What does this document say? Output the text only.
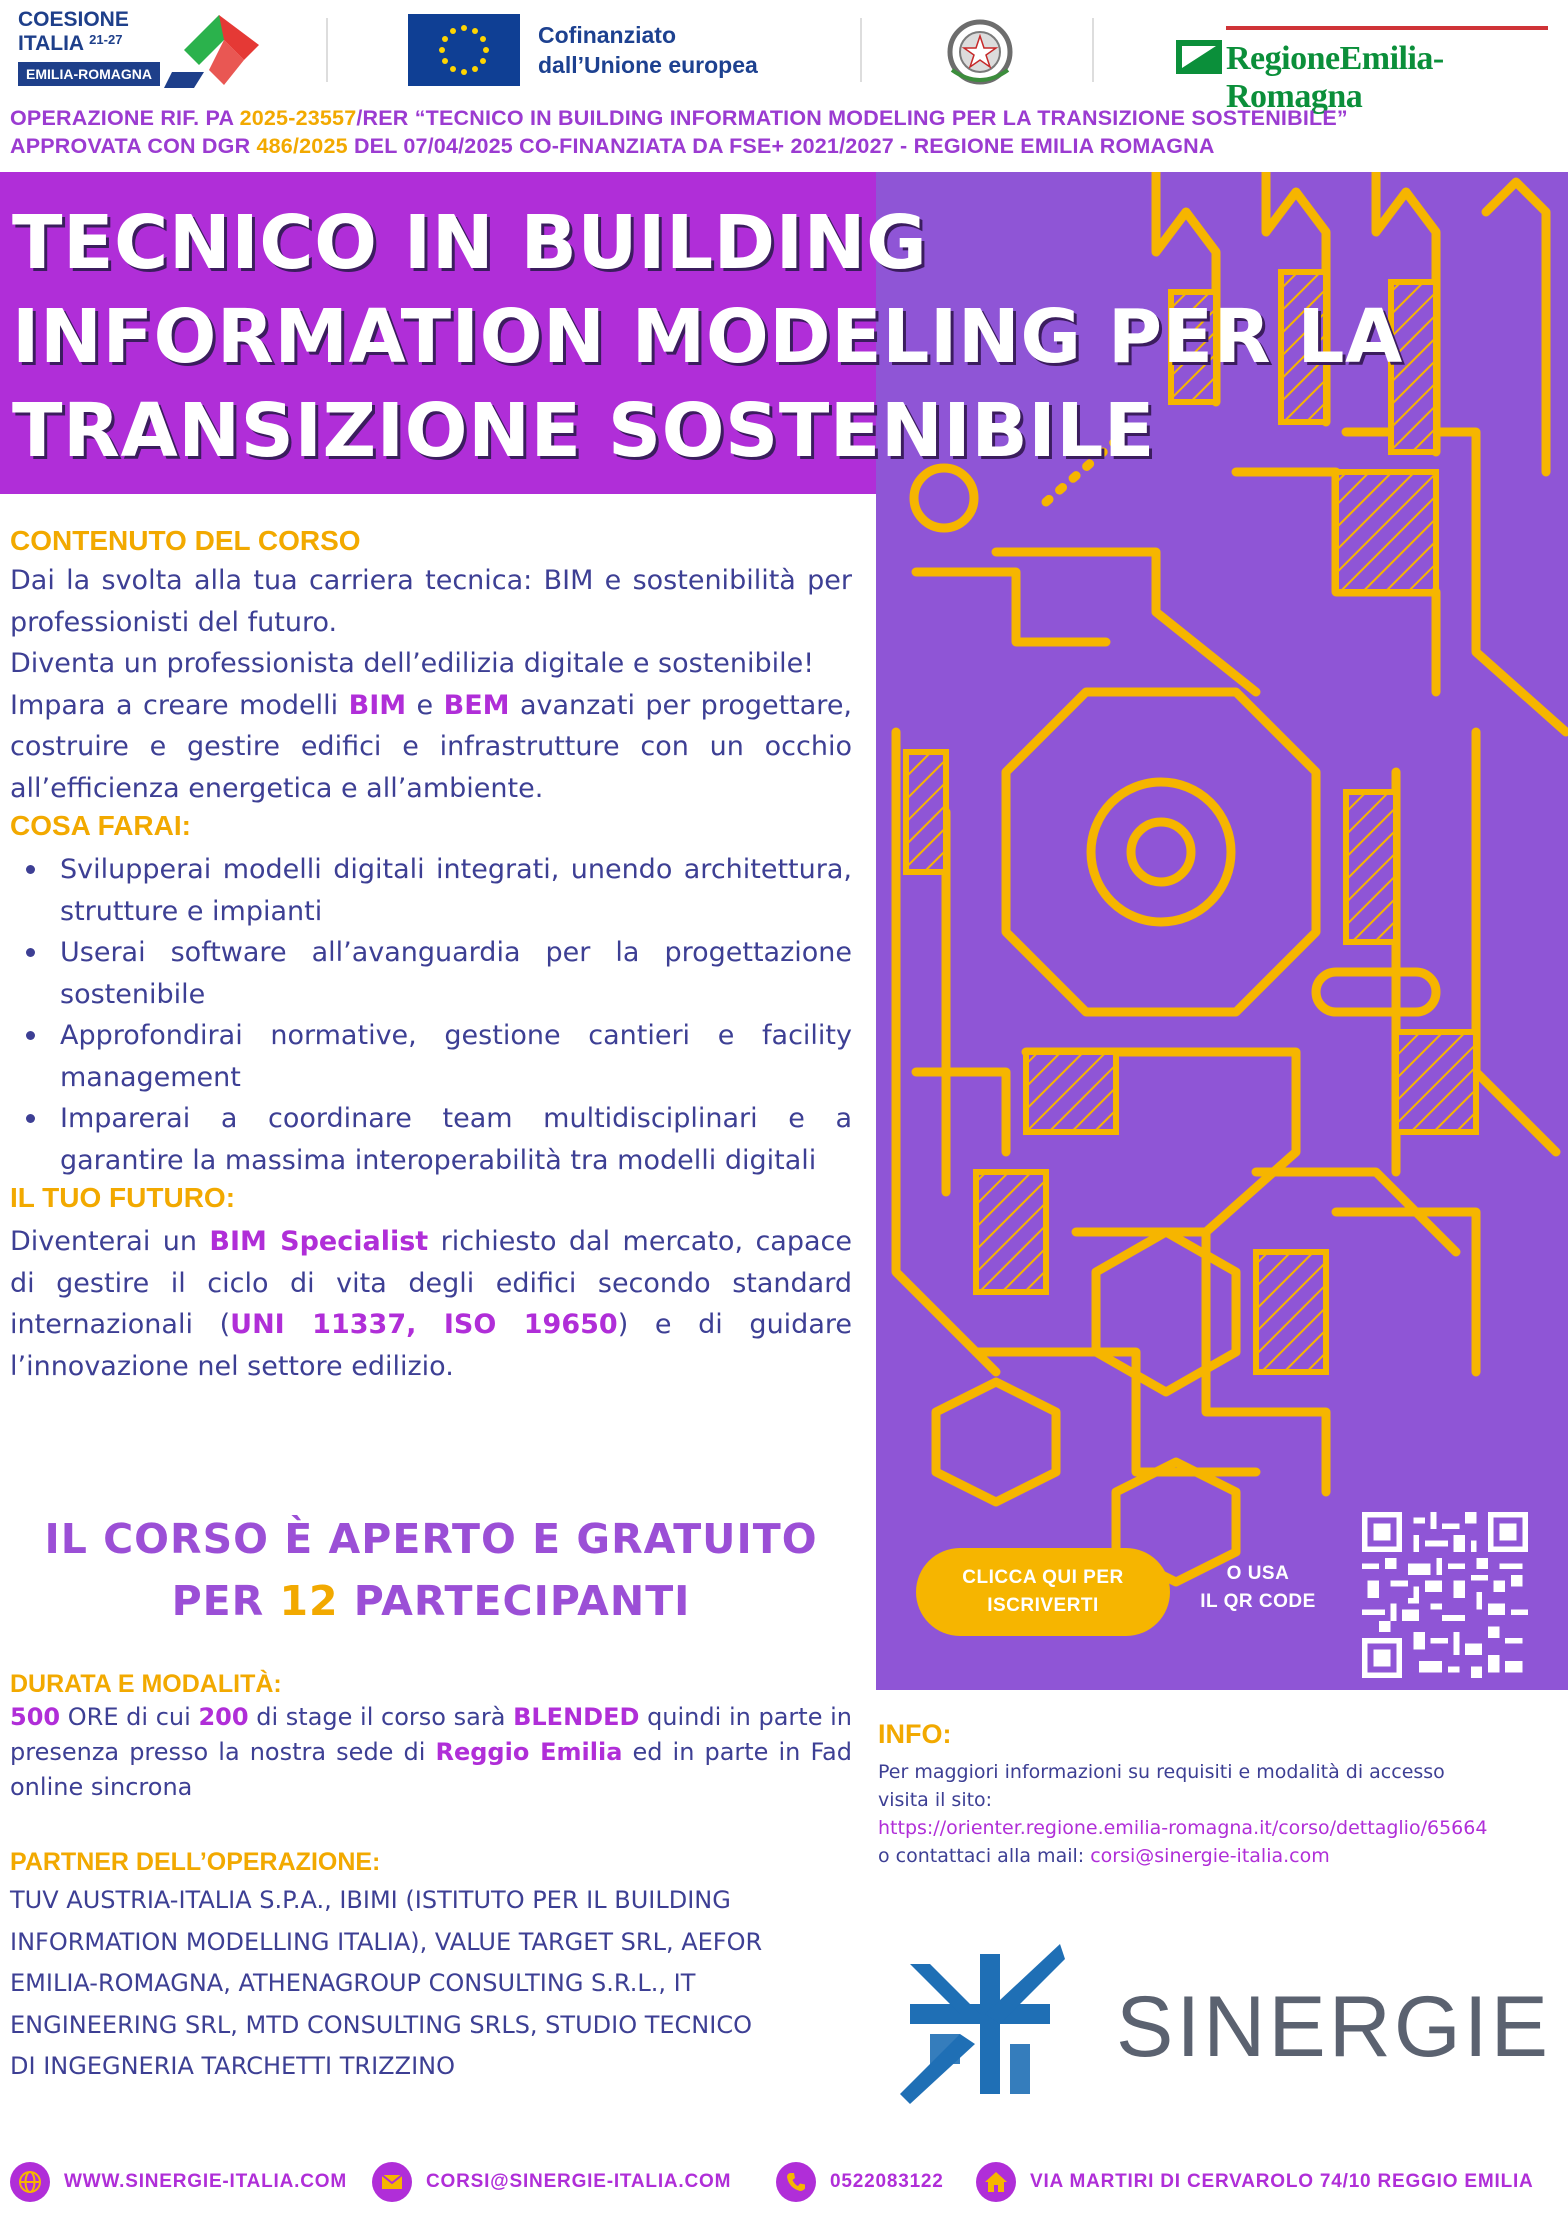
COESIONE
ITALIA $^{21-27}$
EMILIA-ROMAGNA
Cofinanziato
dall’Unione europea	RegioneEmilia-Romagna
OPERAZIONE RIF. PA 2025-23557/RER “TECNICO IN BUILDING INFORMATION MODELING PER LA TRANSIZIONE SOSTENIBILE”
APPROVATA CON DGR 486/2025 DEL 07/04/2025 CO-FINANZIATA DA FSE+ 2021/2027 - REGIONE EMILIA ROMAGNA
TECNICO IN BUILDING
INFORMATION MODELING PER LA
TRANSIZIONE SOSTENIBILE
CONTENUTO DEL CORSO

Dai la svolta alla tua carriera tecnica: BIM e sostenibilità per professionisti del futuro.

Diventa un professionista dell’edilizia digitale e sostenibile!

Impara a creare modelli BIM e BEM avanzati per progettare, costruire e gestire edifici e infrastrutture con un occhio all’efficienza energetica e all’ambiente.

COSA FARAI:
Svilupperai modelli digitali integrati, unendo architettura, strutture e impianti
Userai software all’avanguardia per la progettazione sostenibile
Approfondirai normative, gestione cantieri e facility management
Imparerai a coordinare team multidisciplinari e a garantire la massima interoperabilità tra modelli digitali
IL TUO FUTURO:

Diventerai un BIM Specialist richiesto dal mercato, capace di gestire il ciclo di vita degli edifici secondo standard internazionali (UNI 11337, ISO 19650) e di guidare l’innovazione nel settore edilizio.

IL CORSO È APERTO E GRATUITO
PER 12 PARTECIPANTI
DURATA E MODALITÀ:

500 ORE di cui 200 di stage il corso sarà BLENDED quindi in parte in presenza presso la nostra sede di Reggio Emilia ed in parte in Fad online sincrona

PARTNER DELL’OPERAZIONE:
TUV AUSTRIA-ITALIA S.P.A., IBIMI (ISTITUTO PER IL BUILDING
INFORMATION MODELLING ITALIA), VALUE TARGET SRL, AEFOR
EMILIA-ROMAGNA, ATHENAGROUP CONSULTING S.R.L., IT
ENGINEERING SRL, MTD CONSULTING SRLS, STUDIO TECNICO
DI INGEGNERIA TARCHETTI TRIZZINO
CLICCA QUI PER
ISCRIVERTI
O USA
IL QR CODE
INFO:
Per maggiori informazioni su requisiti e modalità di accesso
visita il sito:
https://orienter.regione.emilia-romagna.it/corso/dettaglio/65664
o contattaci alla mail: corsi@sinergie-italia.com
SINERGIE
WWW.SINERGIE-ITALIA.COM	CORSI@SINERGIE-ITALIA.COM	0522083122	VIA MARTIRI DI CERVAROLO 74/10 REGGIO EMILIA
